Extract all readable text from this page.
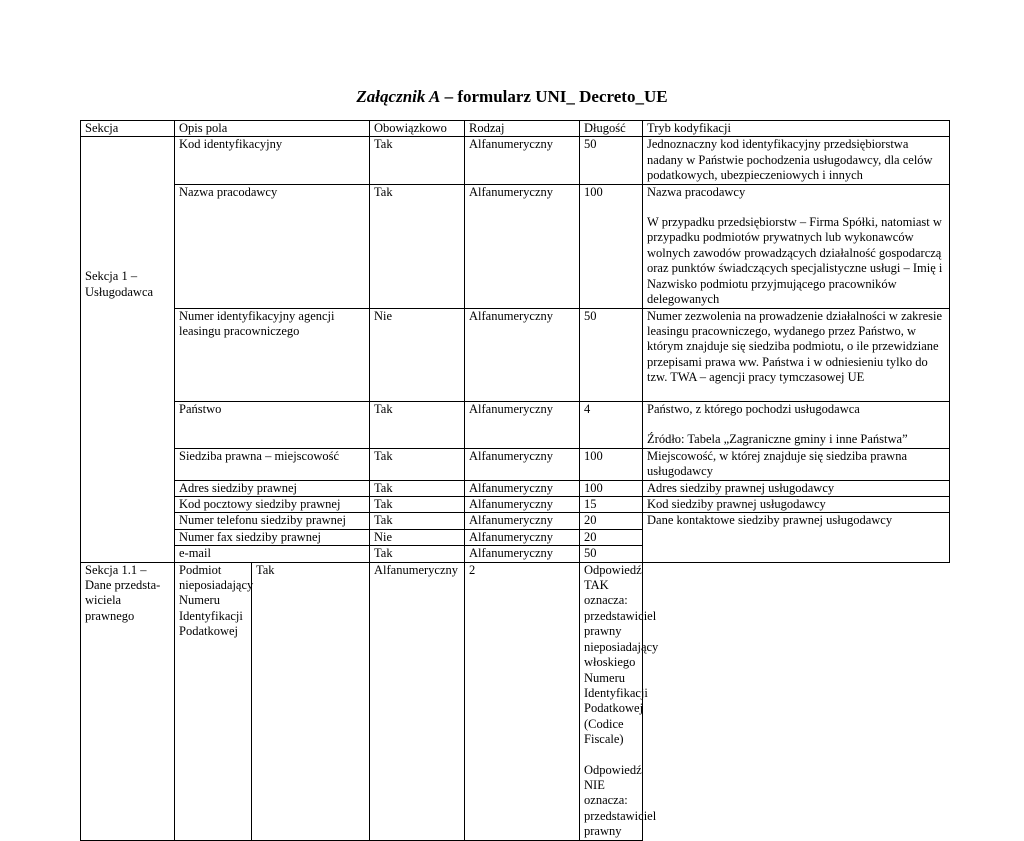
Załącznik A – formularz UNI_ Decreto_UE
Sekcja	Opis pola		Obowiązkowo	Rodzaj	Długość	Tryb kodyfikacji

Sekcja 1 – Usługodawca	Kod identyfikacyjny		Tak	Alfanumeryczny	50	Jednoznaczny kod identyfikacyjny przedsiębiorstwa nadany w Państwie pochodzenia usługodawcy, dla celów podatkowych, ubezpieczeniowych i innych
	Nazwa pracodawcy		Tak	Alfanumeryczny	100	Nazwa pracodawcy

W przypadku przedsiębiorstw – Firma Spółki, natomiast w przypadku podmiotów prywatnych lub wykonawców wolnych zawodów prowadzących działalność gospodarczą oraz punktów świadczących specjalistyczne usługi – Imię i Nazwisko podmiotu przyjmującego pracowników delegowanych

	Numer identyfikacyjny agencji leasingu pracowniczego		Nie	Alfanumeryczny	50	Numer zezwolenia na prowadzenie działalności w zakresie leasingu pracowniczego, wydanego przez Państwo, w którym znajduje się siedziba podmiotu, o ile przewidziane przepisami prawa ww. Państwa i w odniesieniu tylko do tzw. TWA – agencji pracy tymczasowej UE
	Państwo		Tak	Alfanumeryczny	4	Państwo, z którego pochodzi usługodawca

Źródło: Tabela „Zagraniczne gminy i inne Państwa”

	Siedziba prawna – miejscowość		Tak	Alfanumeryczny	100	Miejscowość, w której znajduje się siedziba prawna usługodawcy
	Adres siedziby prawnej		Tak	Alfanumeryczny	100	Adres siedziby prawnej usługodawcy
	Kod pocztowy siedziby prawnej		Tak	Alfanumeryczny	15	Kod siedziby prawnej usługodawcy
	Numer telefonu siedziby prawnej		Tak	Alfanumeryczny	20	Dane kontaktowe siedziby prawnej usługodawcy
	Numer fax siedziby prawnej		Nie	Alfanumeryczny	20	
	e-mail		Tak	Alfanumeryczny	50	
Sekcja 1.1 – Dane przedsta-wiciela prawnego	Podmiot nieposiadający Numeru Identyfikacji Podatkowej	Tak	Alfanumeryczny	2	Odpowiedź TAK oznacza: przedstawiciel prawny nieposiadający włoskiego Numeru Identyfikacji Podatkowej (Codice Fiscale)

Odpowiedź NIE oznacza: przedstawiciel prawny	
